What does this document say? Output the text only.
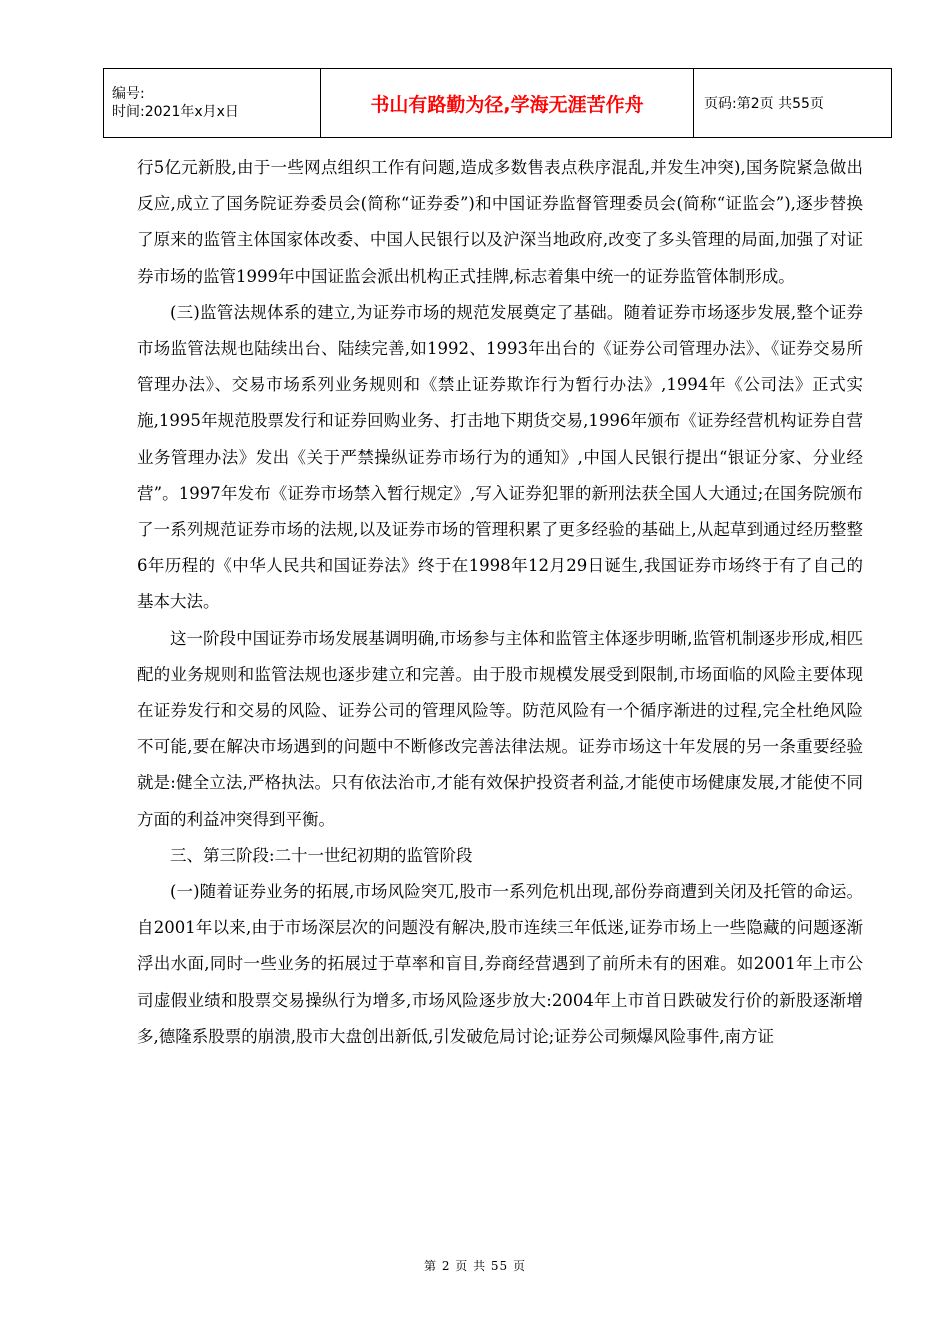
编号:
时间:2021年x月x日	书山有路勤为径,学海无涯苦作舟	页码:第2页 共55页

行5亿元新股,由于一些网点组织工作有问题,造成多数售表点秩序混乱,并发生冲突),国务院紧急做出反应,成立了国务院证券委员会(简称“证券委”)和中国证券监督管理委员会(简称“证监会”),逐步替换了原来的监管主体国家体改委、中国人民银行以及沪深当地政府,改变了多头管理的局面,加强了对证券市场的监管1999年中国证监会派出机构正式挂牌,标志着集中统一的证券监管体制形成。

(三)监管法规体系的建立,为证券市场的规范发展奠定了基础。随着证券市场逐步发展,整个证券市场监管法规也陆续出台、陆续完善,如1992、1993年出台的《证券公司管理办法》、《证券交易所管理办法》、交易市场系列业务规则和《禁止证券欺诈行为暂行办法》,1994年《公司法》正式实施,1995年规范股票发行和证券回购业务、打击地下期货交易,1996年颁布《证券经营机构证券自营业务管理办法》发出《关于严禁操纵证券市场行为的通知》,中国人民银行提出“银证分家、分业经营”。1997年发布《证券市场禁入暂行规定》,写入证券犯罪的新刑法获全国人大通过;在国务院颁布了一系列规范证券市场的法规,以及证券市场的管理积累了更多经验的基础上,从起草到通过经历整整6年历程的《中华人民共和国证券法》终于在1998年12月29日诞生,我国证券市场终于有了自己的基本大法。

这一阶段中国证券市场发展基调明确,市场参与主体和监管主体逐步明晰,监管机制逐步形成,相匹配的业务规则和监管法规也逐步建立和完善。由于股市规模发展受到限制,市场面临的风险主要体现在证券发行和交易的风险、证券公司的管理风险等。防范风险有一个循序渐进的过程,完全杜绝风险不可能,要在解决市场遇到的问题中不断修改完善法律法规。证券市场这十年发展的另一条重要经验就是:健全立法,严格执法。只有依法治市,才能有效保护投资者利益,才能使市场健康发展,才能使不同方面的利益冲突得到平衡。

三、第三阶段:二十一世纪初期的监管阶段

(一)随着证券业务的拓展,市场风险突兀,股市一系列危机出现,部份券商遭到关闭及托管的命运。自2001年以来,由于市场深层次的问题没有解决,股市连续三年低迷,证券市场上一些隐藏的问题逐渐浮出水面,同时一些业务的拓展过于草率和盲目,券商经营遇到了前所未有的困难。如2001年上市公司虚假业绩和股票交易操纵行为增多,市场风险逐步放大:2004年上市首日跌破发行价的新股逐渐增多,德隆系股票的崩溃,股市大盘创出新低,引发破危局讨论;证券公司频爆风险事件,南方证

第 2 页 共 55 页
